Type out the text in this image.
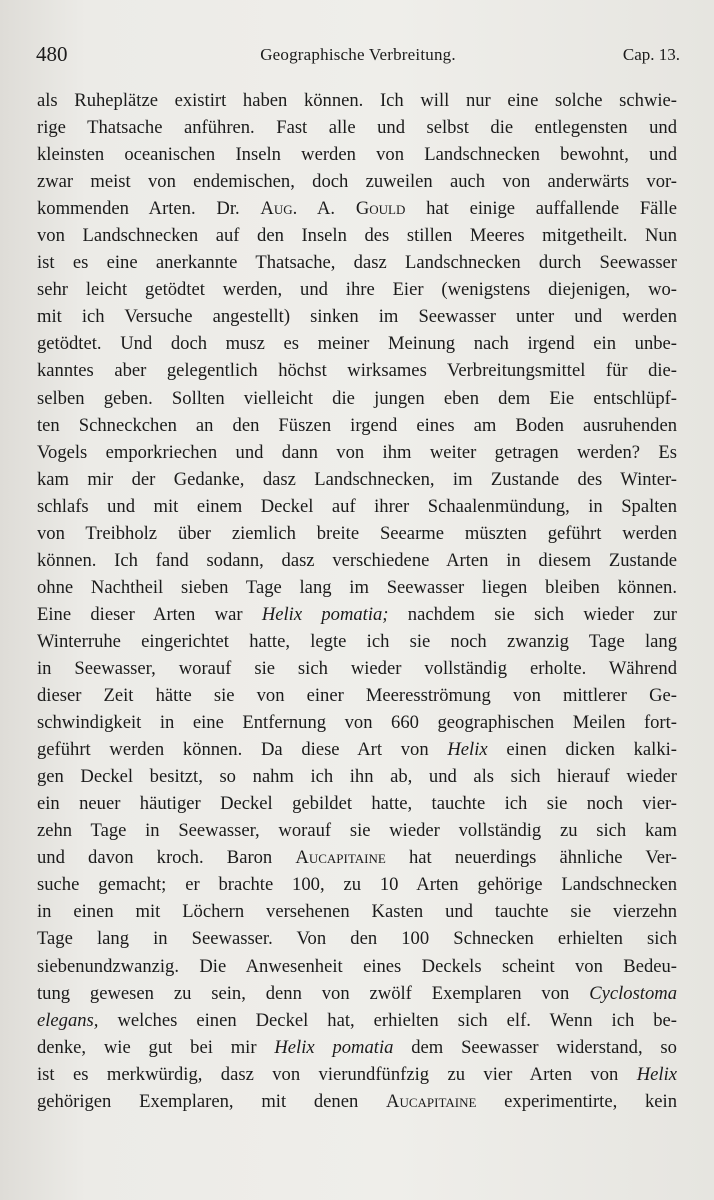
480	Geographische Verbreitung.	Cap. 13.
als Ruheplätze existirt haben können. Ich will nur eine solche schwie-
rige Thatsache anführen. Fast alle und selbst die entlegensten und
kleinsten oceanischen Inseln werden von Landschnecken bewohnt, und
zwar meist von endemischen, doch zuweilen auch von anderwärts vor-
kommenden Arten. Dr. Aug. A. Gould hat einige auffallende Fälle
von Landschnecken auf den Inseln des stillen Meeres mitgetheilt. Nun
ist es eine anerkannte Thatsache, dasz Landschnecken durch Seewasser
sehr leicht getödtet werden, und ihre Eier (wenigstens diejenigen, wo-
mit ich Versuche angestellt) sinken im Seewasser unter und werden
getödtet. Und doch musz es meiner Meinung nach irgend ein unbe-
kanntes aber gelegentlich höchst wirksames Verbreitungsmittel für die-
selben geben. Sollten vielleicht die jungen eben dem Eie entschlüpf-
ten Schneckchen an den Füszen irgend eines am Boden ausruhenden
Vogels emporkriechen und dann von ihm weiter getragen werden? Es
kam mir der Gedanke, dasz Landschnecken, im Zustande des Winter-
schlafs und mit einem Deckel auf ihrer Schaalenmündung, in Spalten
von Treibholz über ziemlich breite Seearme müszten geführt werden
können. Ich fand sodann, dasz verschiedene Arten in diesem Zustande
ohne Nachtheil sieben Tage lang im Seewasser liegen bleiben können.
Eine dieser Arten war Helix pomatia; nachdem sie sich wieder zur
Winterruhe eingerichtet hatte, legte ich sie noch zwanzig Tage lang
in Seewasser, worauf sie sich wieder vollständig erholte. Während
dieser Zeit hätte sie von einer Meeresströmung von mittlerer Ge-
schwindigkeit in eine Entfernung von 660 geographischen Meilen fort-
geführt werden können. Da diese Art von Helix einen dicken kalki-
gen Deckel besitzt, so nahm ich ihn ab, und als sich hierauf wieder
ein neuer häutiger Deckel gebildet hatte, tauchte ich sie noch vier-
zehn Tage in Seewasser, worauf sie wieder vollständig zu sich kam
und davon kroch. Baron Aucapitaine hat neuerdings ähnliche Ver-
suche gemacht; er brachte 100, zu 10 Arten gehörige Landschnecken
in einen mit Löchern versehenen Kasten und tauchte sie vierzehn
Tage lang in Seewasser. Von den 100 Schnecken erhielten sich
siebenundzwanzig. Die Anwesenheit eines Deckels scheint von Bedeu-
tung gewesen zu sein, denn von zwölf Exemplaren von Cyclostoma
elegans, welches einen Deckel hat, erhielten sich elf. Wenn ich be-
denke, wie gut bei mir Helix pomatia dem Seewasser widerstand, so
ist es merkwürdig, dasz von vierundfünfzig zu vier Arten von Helix
gehörigen Exemplaren, mit denen Aucapitaine experimentirte, kein
